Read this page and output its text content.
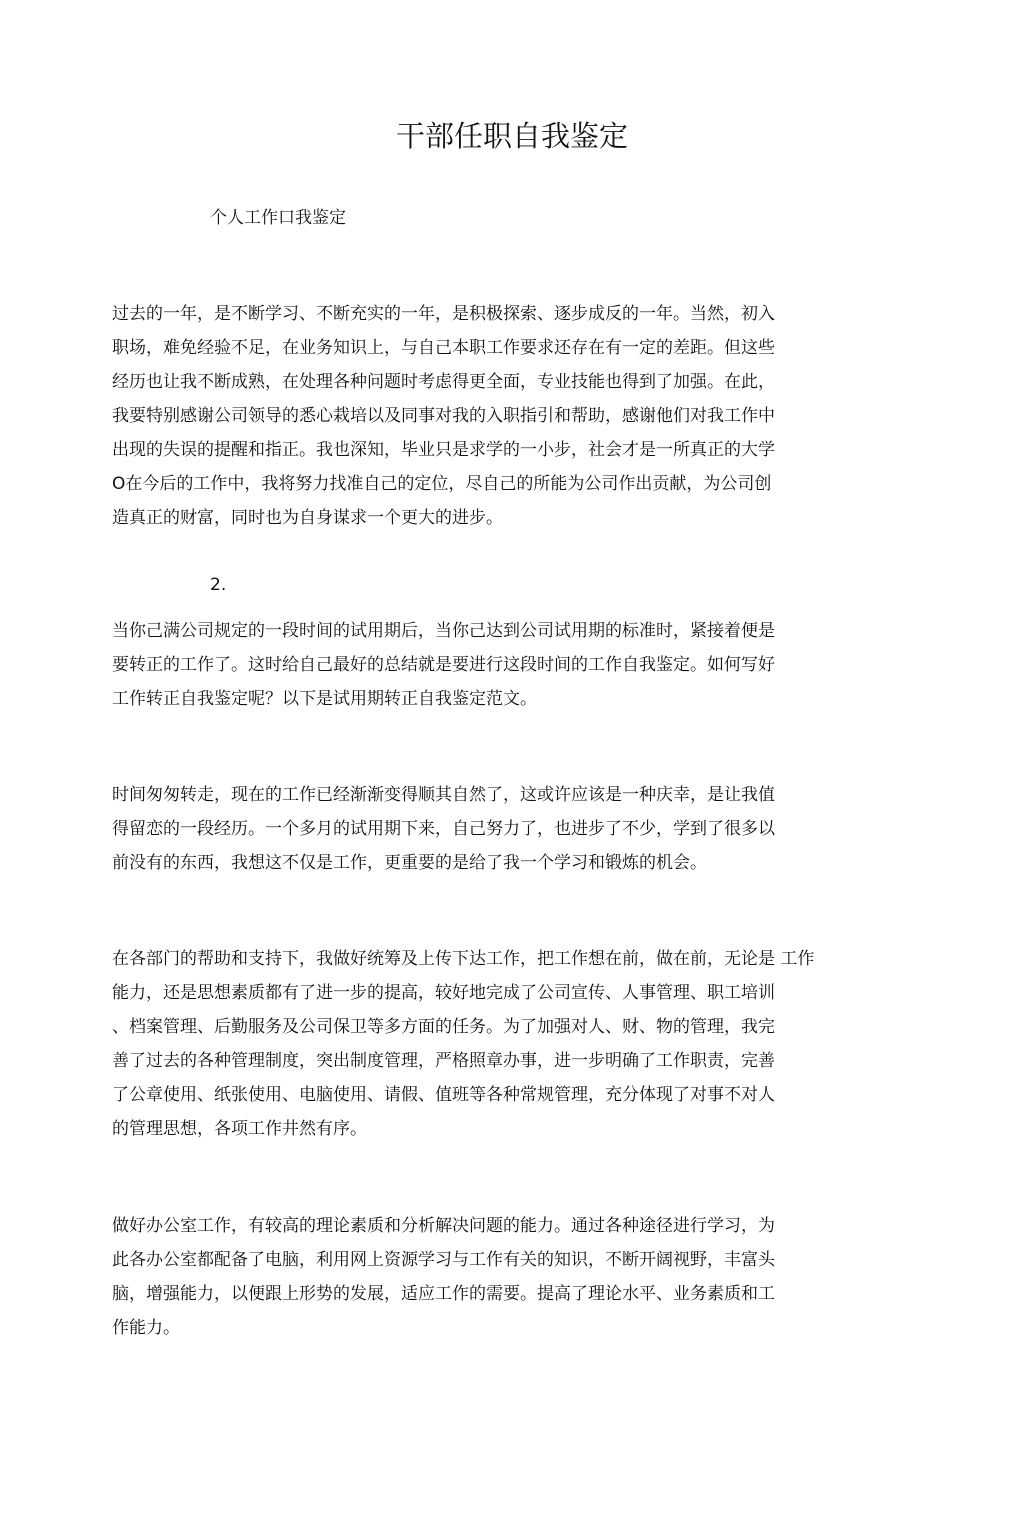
干部任职自我鉴定

个人工作口我鉴定

过去的一年，是不断学习、不断充实的一年，是积极探索、逐步成反的一年。当然，初入
职场，难免经验不足，在业务知识上，与自己本职工作要求还存在有一定的差距。但这些
经历也让我不断成熟，在处理各种问题时考虑得更全面，专业技能也得到了加强。在此，
我要特别感谢公司领导的悉心栽培以及同事对我的入职指引和帮助，感谢他们对我工作中
出现的失误的提醒和指正。我也深知，毕业只是求学的一小步，社会才是一所真正的大学
O在今后的工作中，我将努力找准自己的定位，尽自己的所能为公司作出贡献，为公司创
造真正的财富，同时也为自身谋求一个更大的进步。

2.

当你己满公司规定的一段时间的试用期后，当你己达到公司试用期的标准时，紧接着便是
要转正的工作了。这时给自己最好的总结就是要进行这段时间的工作自我鉴定。如何写好
工作转正自我鉴定呢？以下是试用期转正自我鉴定范文。
时间匆匆转走，现在的工作已经渐渐变得顺其自然了，这或许应该是一种庆幸，是让我值
得留恋的一段经历。一个多月的试用期下来，自己努力了，也进步了不少，学到了很多以
前没有的东西，我想这不仅是工作，更重要的是给了我一个学习和锻炼的机会。
在各部门的帮助和支持下，我做好统筹及上传下达工作，把工作想在前，做在前，无论是 工作
能力，还是思想素质都有了进一步的提高，较好地完成了公司宣传、人事管理、职工培训
、档案管理、后勤服务及公司保卫等多方面的任务。为了加强对人、财、物的管理，我完
善了过去的各种管理制度，突出制度管理，严格照章办事，进一步明确了工作职责，完善
了公章使用、纸张使用、电脑使用、请假、值班等各种常规管理，充分体现了对事不对人
的管理思想，各项工作井然有序。
做好办公室工作，有较高的理论素质和分析解决问题的能力。通过各种途径进行学习，为
此各办公室都配备了电脑，利用网上资源学习与工作有关的知识，不断开阔视野，丰富头
脑，增强能力，以便跟上形势的发展，适应工作的需要。提高了理论水平、业务素质和工
作能力。
